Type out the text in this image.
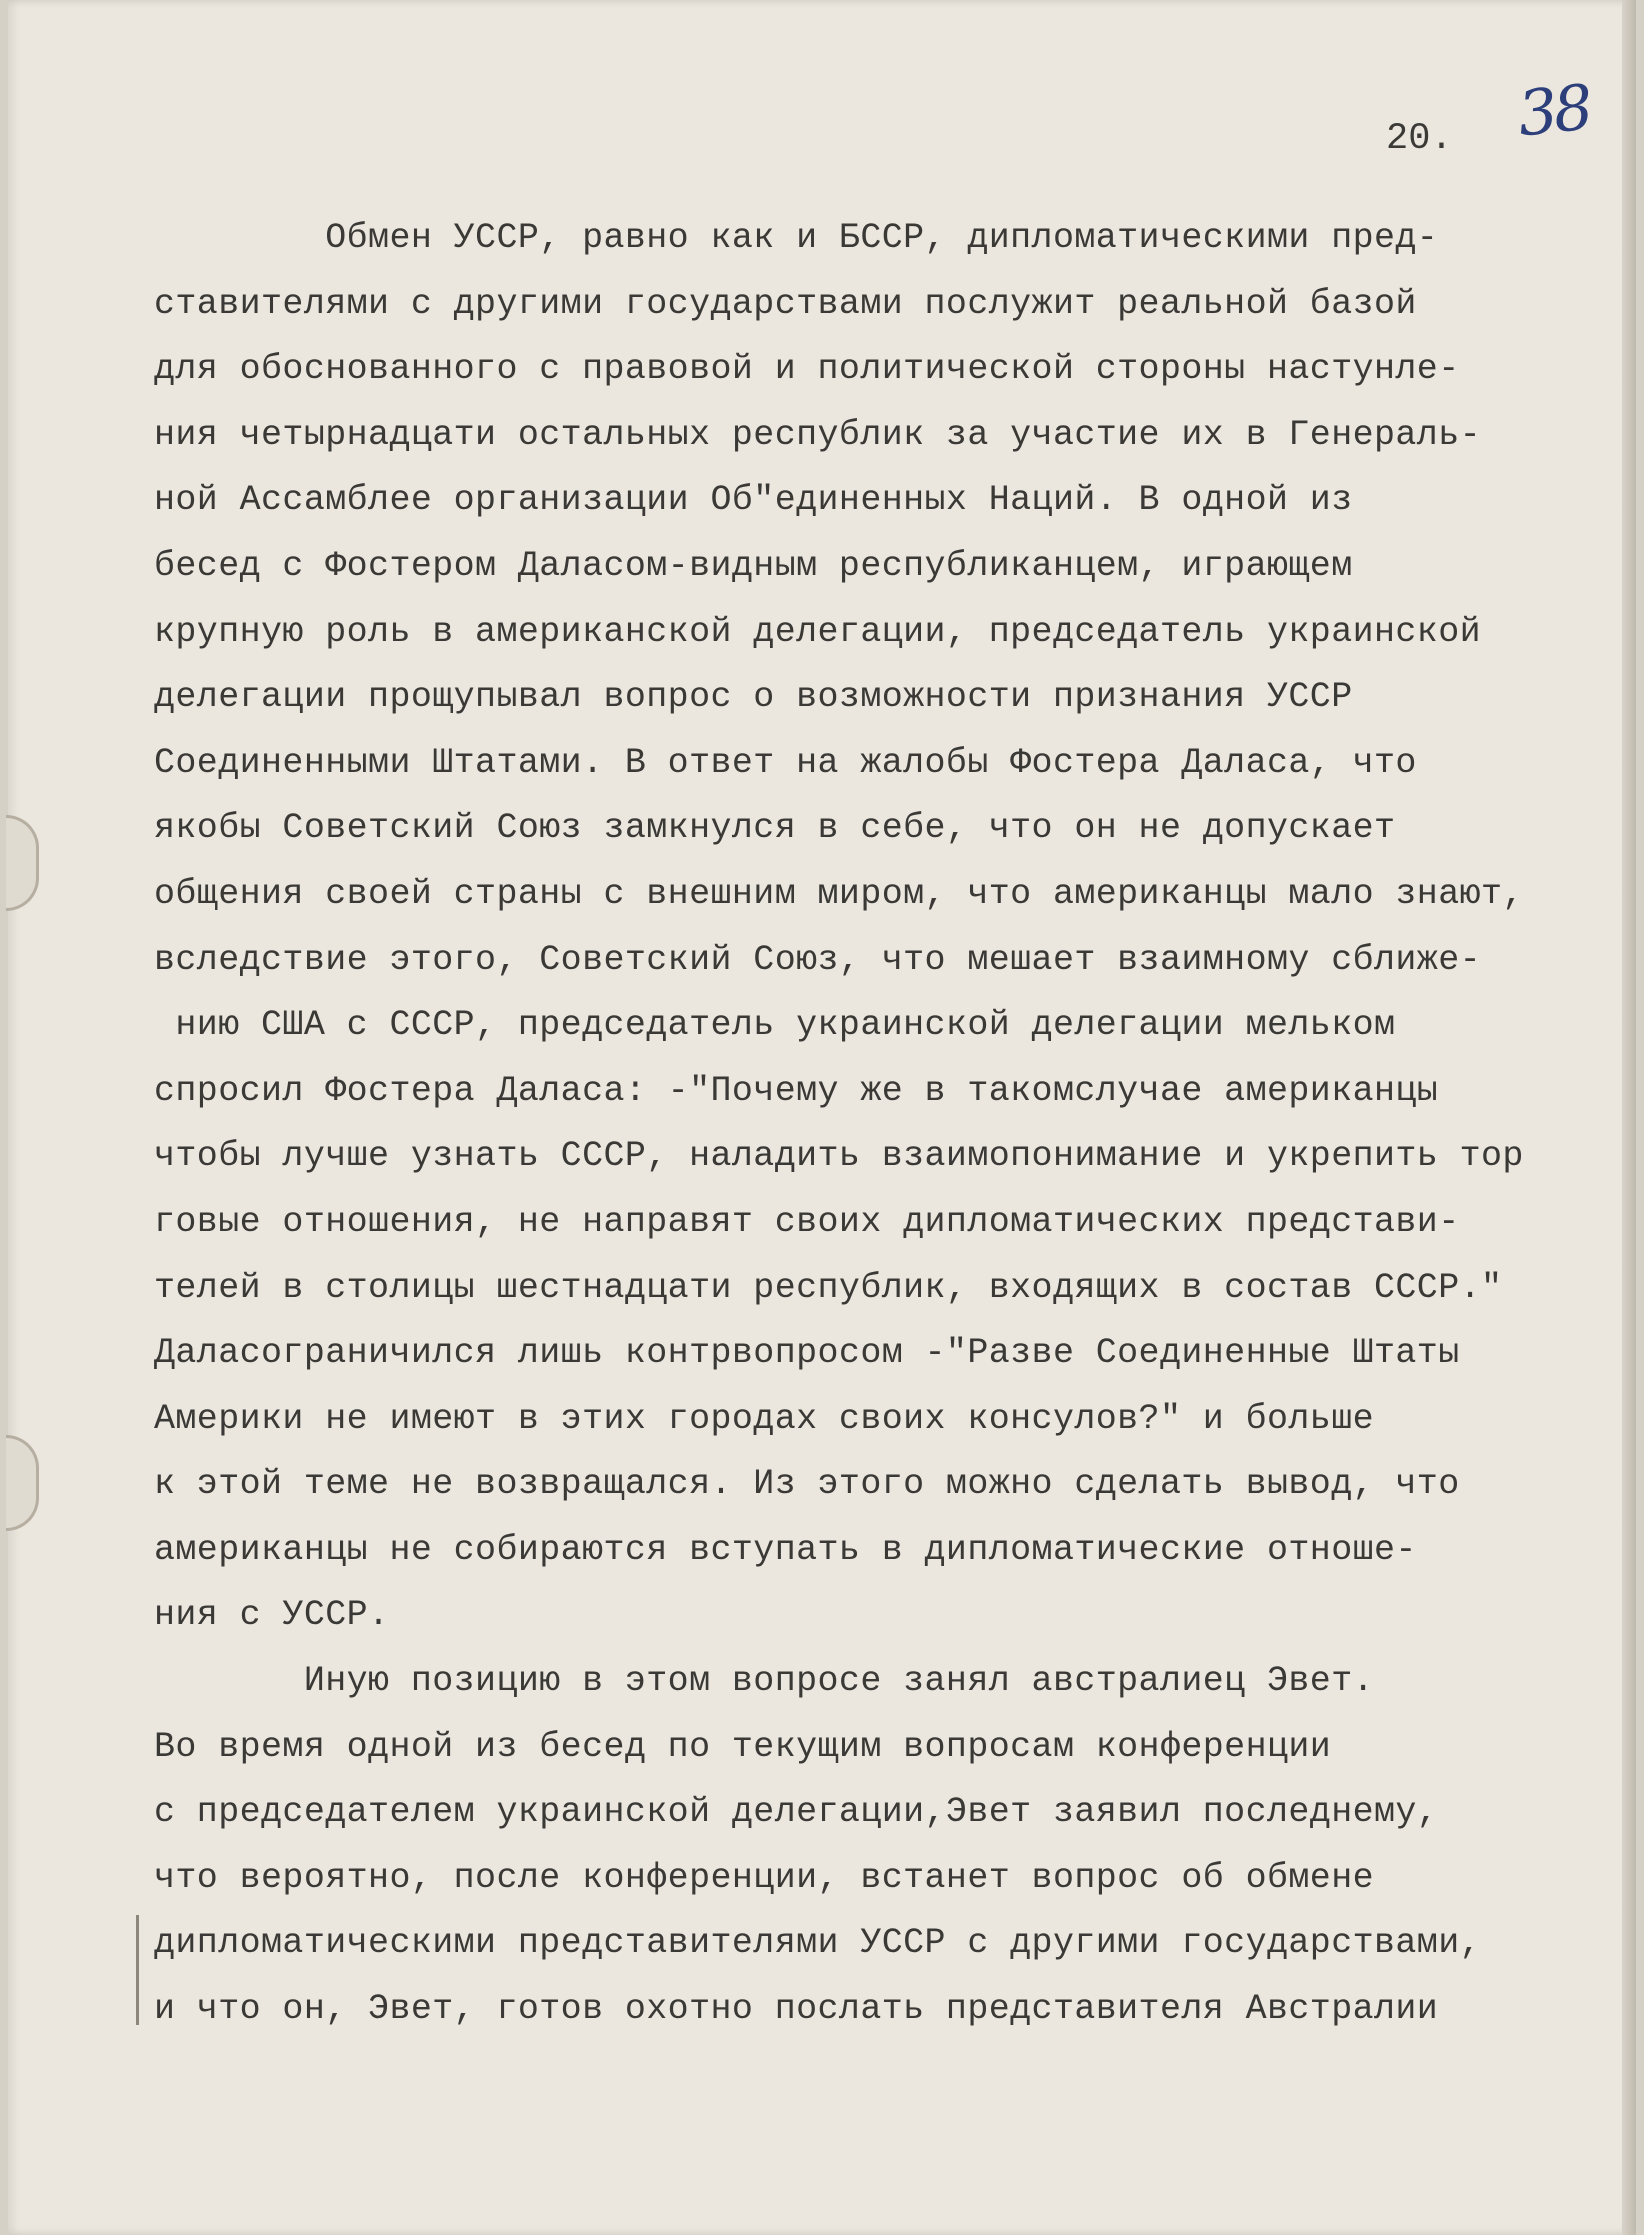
20. 38

Обмен УССР, равно как и БССР, дипломатическими пред-
ставителями с другими государствами послужит реальной базой
для обоснованного с правовой и политической стороны настунле-
ния четырнадцати остальных республик за участие их в Генераль-
ной Ассамблее организации Об"единенных Наций. В одной из
бесед с Фостером Даласом-видным республиканцем, играющем
крупную роль в американской делегации, председатель украинской
делегации прощупывал вопрос о возможности признания УССР
Соединенными Штатами. В ответ на жалобы Фостера Даласа, что
якобы Советский Союз замкнулся в себе, что он не допускает
общения своей страны с внешним миром, что американцы мало знают,
вследствие этого, Советский Союз, что мешает взаимному сближе-
нию США с СССР, председатель украинской делегации мельком
спросил Фостера Даласа: -"Почему же в такомслучае американцы
чтобы лучше узнать СССР, наладить взаимопонимание и укрепить тор
говые отношения, не направят своих дипломатических представи-
телей в столицы шестнадцати республик, входящих в состав СССР."
Даласограничился лишь контрвопросом -"Разве Соединенные Штаты
Америки не имеют в этих городах своих консулов?" и больше
к этой теме не возвращался. Из этого можно сделать вывод, что
американцы не собираются вступать в дипломатические отноше-
ния с УССР.
Иную позицию в этом вопросе занял австралиец Эвет.
Во время одной из бесед по текущим вопросам конференции
с председателем украинской делегации,Эвет заявил последнему,
что вероятно, после конференции, встанет вопрос об обмене
дипломатическими представителями УССР с другими государствами,
и что он, Эвет, готов охотно послать представителя Австралии
